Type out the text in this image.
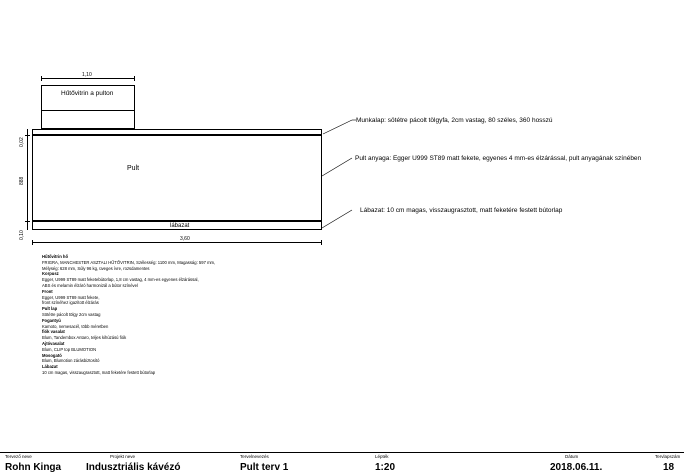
1,10
Hűtővitrin a pulton
Pult
lábazat
3,60
0,02
888
0,10
Munkalap: sötétre pácolt tölgyfa, 2cm vastag, 80 széles, 360 hosszú
Pult anyaga: Egger U999 ST89 matt fekete, egyenes 4 mm-es élzárással, pult anyagának színében
Lábazat: 10 cm magas, visszaugrasztott, matt feketére festett bútorlap
Hűtővitrin hő
FRIGRA, MANCHESTER ASZTALI HŰTŐVITRIN, Szélesség: 1100 mm, Magasság: 597 mm,
Mélység: 628 mm, Súly 96 kg, üveges ívre, rozsdamentes
Korpusz
Egger, U999 ST89 matt feketebútorlap, 1,8 cm vastag, 4 mm-es egyenes élzárással,
ABS és melamin élzáró harmonizál a bútor színével
Front
Egger, U999 ST89 matt fekete,
front színéhez igazított élzárás
Pult lap
Sötétre pácolt tölgy 2cm vastag
Fogantyú
Kamoto, nemesacél, több méretben
fiók vasalat
Blum, Tandembox Antaro, teljes kihúzású fiók
Ajtóvasalat
Blum, CLIP top BLUMOTION
Mosogató
Blum, Blumotion zárásbiztosító
Lábazat
10 cm magas, visszaugrasztott, matt feketére festett bútorlap
Tervező neve
Rohn Kinga
Projekt neve
Indusztriális kávézó
Tervelnevezés
Pult terv 1
Lépték
1:20
Dátum
2018.06.11.
Tervlapszám
18
